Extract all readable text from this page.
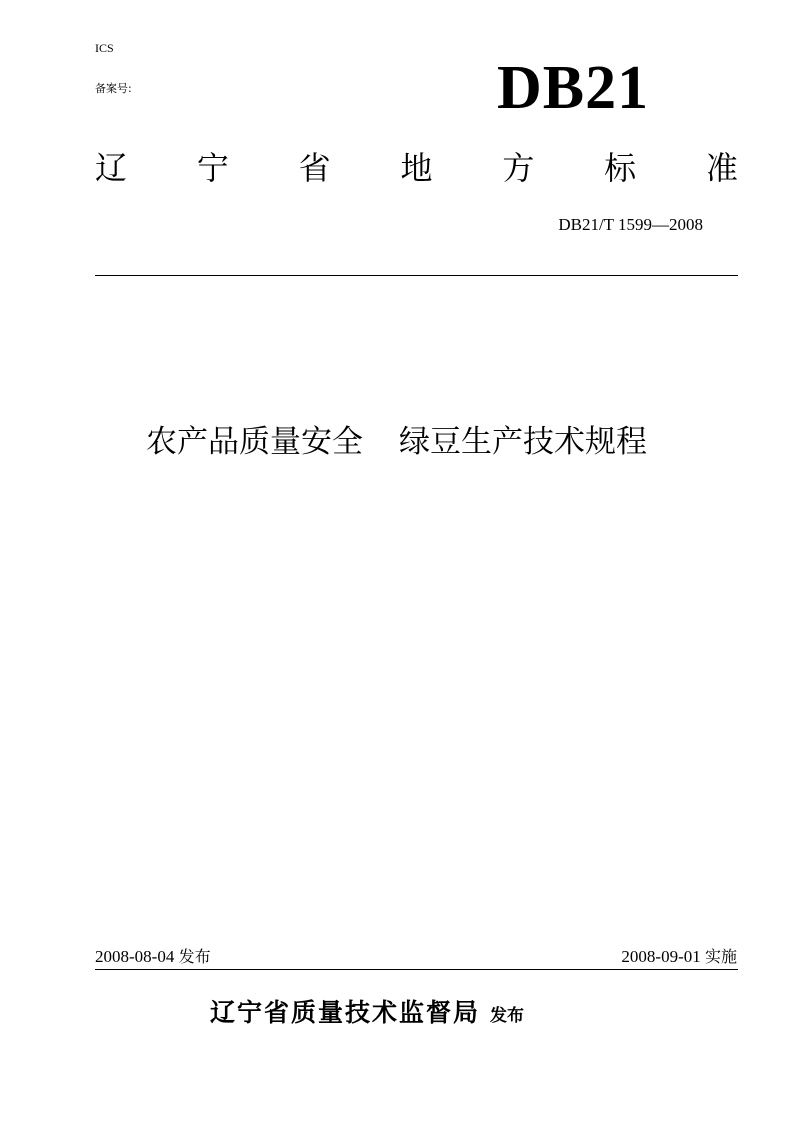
ICS
备案号:	DB21
辽 宁 省 地 方 标 准
DB21/T 1599—2008
农产品质量安全 绿豆生产技术规程
2008-08-04 发布	2008-09-01 实施
辽宁省质量技术监督局 发布
